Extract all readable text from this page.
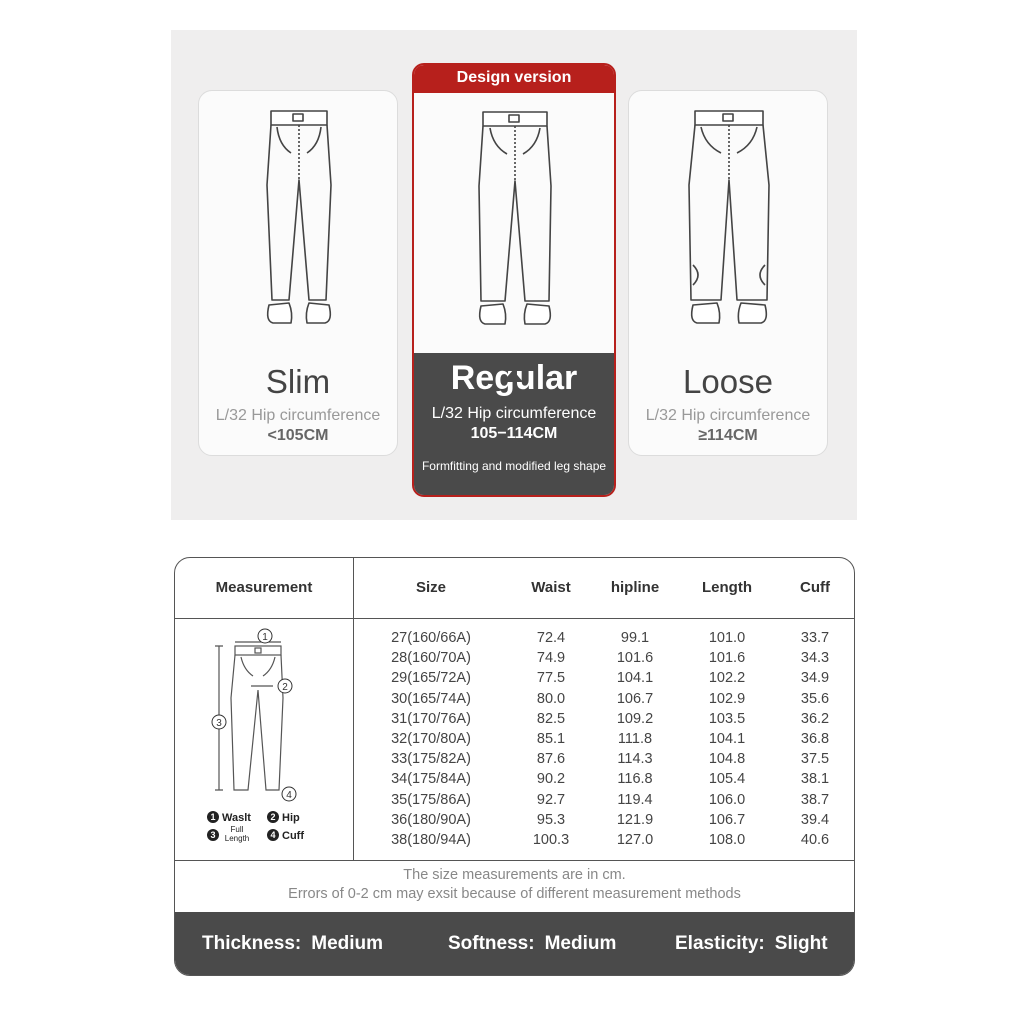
Slim
L/32 Hip circumference
<105CM
Design version
Regular
L/32 Hip circumference
105−114CM
Formfitting and modified leg shape
Loose
L/32 Hip circumference
≥114CM
Measurement	Size	Waist	hipline	Length	Cuff
1
2
3
4
1	2
3	4
Waslt	Hip
Full
Length	Cuff
27(160/66A)	72.4	99.1	101.0	33.7
28(160/70A)	74.9	101.6	101.6	34.3
29(165/72A)	77.5	104.1	102.2	34.9
30(165/74A)	80.0	106.7	102.9	35.6
31(170/76A)	82.5	109.2	103.5	36.2
32(170/80A)	85.1	111.8	104.1	36.8
33(175/82A)	87.6	114.3	104.8	37.5
34(175/84A)	90.2	116.8	105.4	38.1
35(175/86A)	92.7	119.4	106.0	38.7
36(180/90A)	95.3	121.9	106.7	39.4
38(180/94A)	100.3	127.0	108.0	40.6
The size measurements are in cm.
Errors of 0-2 cm may exsit because of different measurement methods
Thickness: Medium	Softness: Medium	Elasticity: Slight
